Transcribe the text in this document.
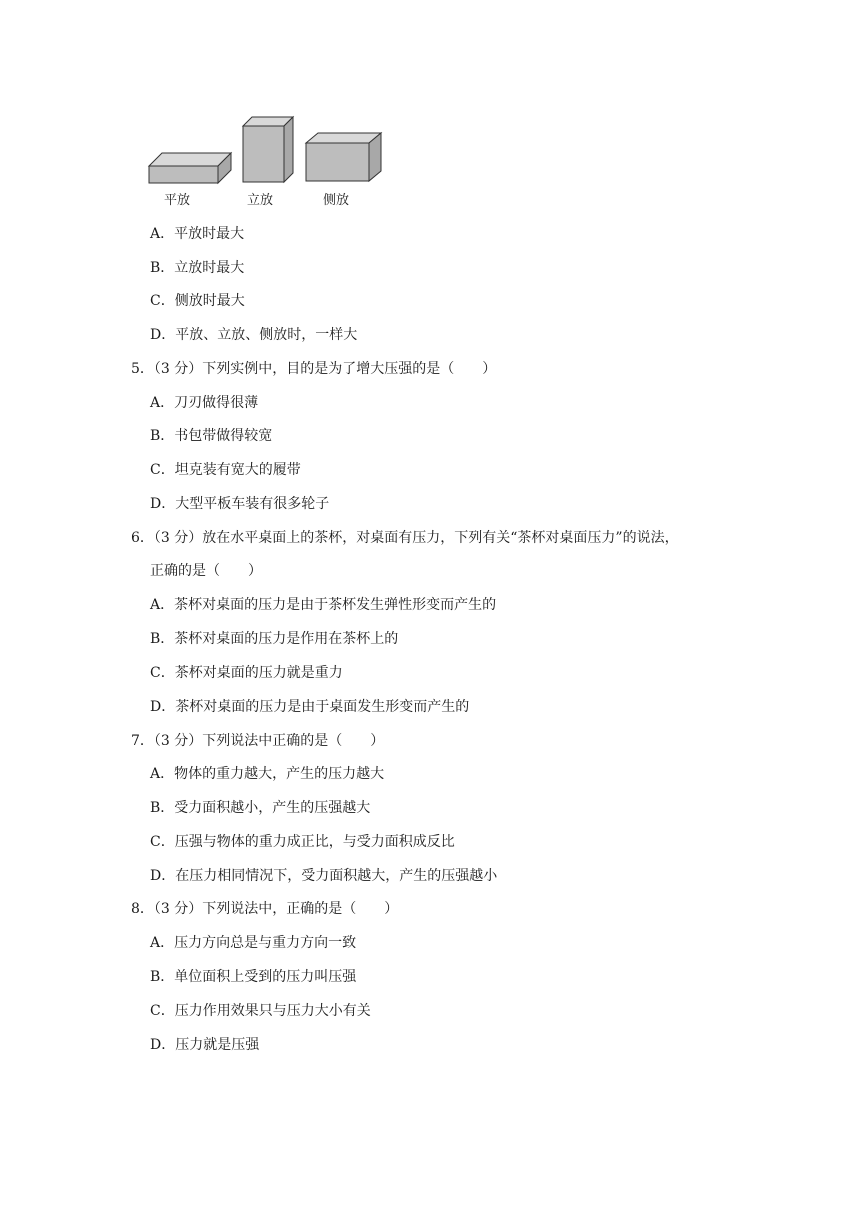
平放	立放	侧放
A．平放时最大
B．立放时最大
C．侧放时最大
D．平放、立放、侧放时，一样大
5．（3 分）下列实例中，目的是为了增大压强的是（　　）
A．刀刃做得很薄
B．书包带做得较宽
C．坦克装有宽大的履带
D．大型平板车装有很多轮子
6．（3 分）放在水平桌面上的茶杯，对桌面有压力，下列有关“茶杯对桌面压力”的说法，
正确的是（　　）
A．茶杯对桌面的压力是由于茶杯发生弹性形变而产生的
B．茶杯对桌面的压力是作用在茶杯上的
C．茶杯对桌面的压力就是重力
D．茶杯对桌面的压力是由于桌面发生形变而产生的
7．（3 分）下列说法中正确的是（　　）
A．物体的重力越大，产生的压力越大
B．受力面积越小，产生的压强越大
C．压强与物体的重力成正比，与受力面积成反比
D．在压力相同情况下，受力面积越大，产生的压强越小
8．（3 分）下列说法中，正确的是（　　）
A．压力方向总是与重力方向一致
B．单位面积上受到的压力叫压强
C．压力作用效果只与压力大小有关
D．压力就是压强
